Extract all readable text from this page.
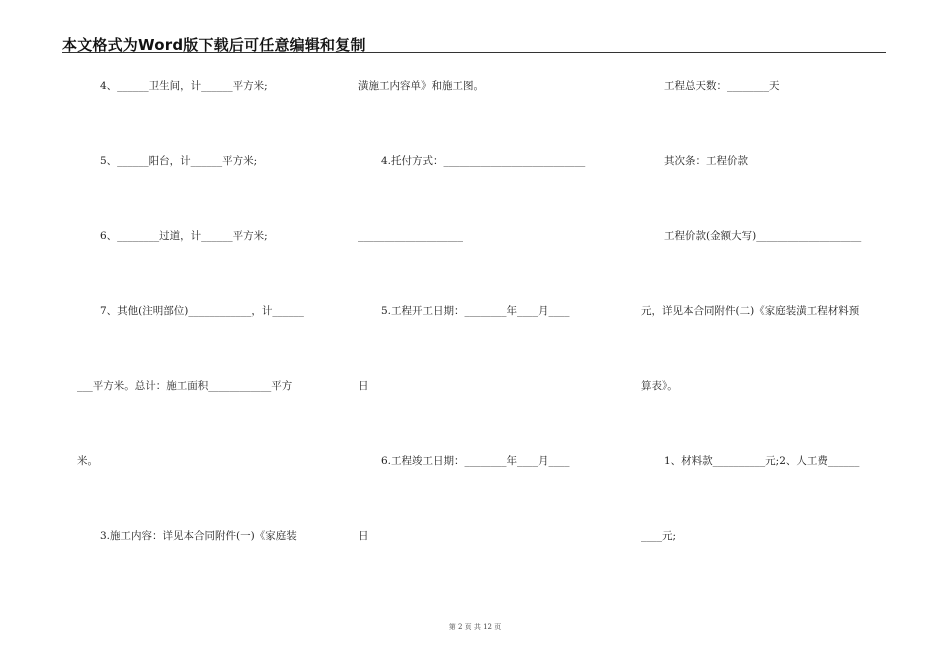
本文格式为Word版下载后可任意编辑和复制
4、______卫生间，计______平方米;
5、______阳台，计______平方米;
6、________过道，计______平方米;
7、其他(注明部位)____________，计______
___平方米。总计：施工面积____________平方
米。
3.施工内容：详见本合同附件(一)《家庭装
潢施工内容单》和施工图。
4.托付方式：___________________________
____________________
5.工程开工日期：________年____月____
日
6.工程竣工日期：________年____月____
日
工程总天数：________天
其次条：工程价款
工程价款(金额大写)____________________
元，详见本合同附件(二)《家庭装潢工程材料预
算表》。
1、材料款__________元;2、人工费______
____元;
第 2 页 共 12 页
